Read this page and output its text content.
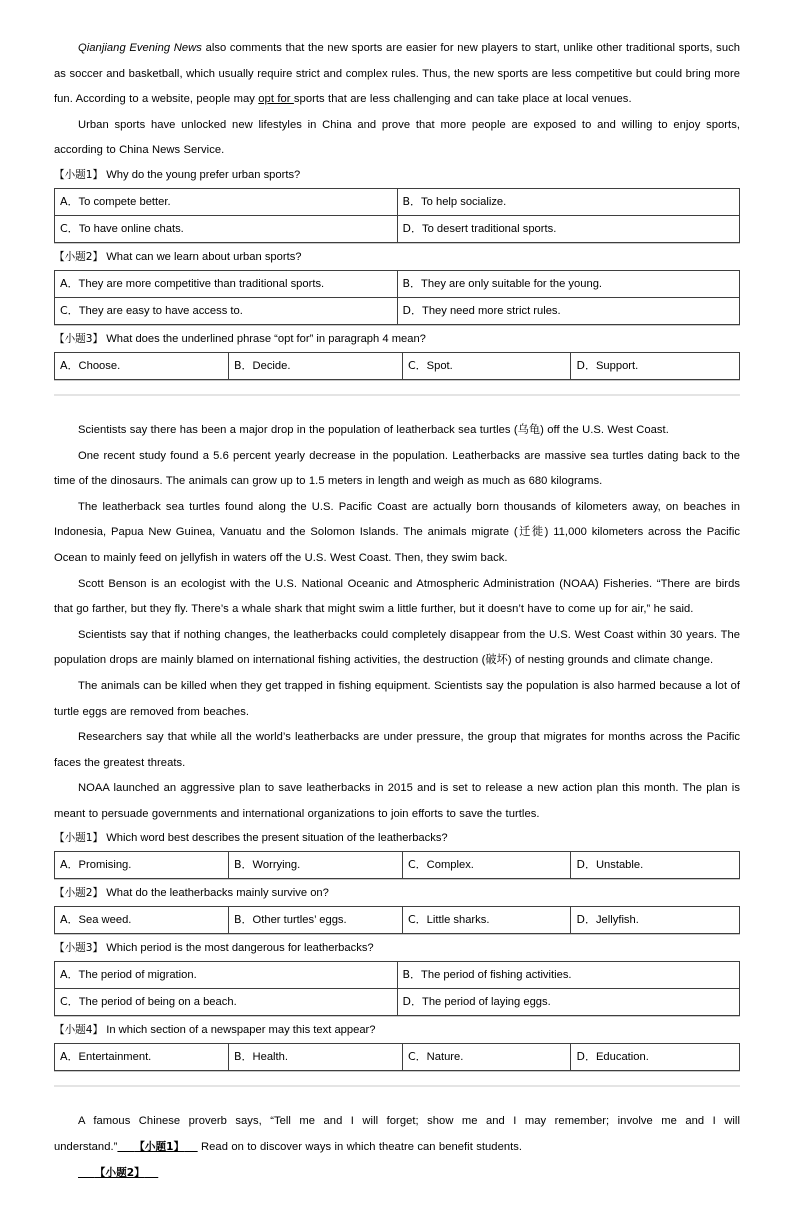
Qianjiang Evening News also comments that the new sports are easier for new players to start, unlike other traditional sports, such as soccer and basketball, which usually require strict and complex rules. Thus, the new sports are less competitive but could bring more fun. According to a website, people may opt for sports that are less challenging and can take place at local venues.

Urban sports have unlocked new lifestyles in China and prove that more people are exposed to and willing to enjoy sports, according to China News Service.

【小题1】 Why do the young prefer urban sports?

A．To compete better.	B．To help socialize.
C．To have online chats.	D．To desert traditional sports.

【小题2】 What can we learn about urban sports?

A．They are more competitive than traditional sports.	B．They are only suitable for the young.
C．They are easy to have access to.	D．They need more strict rules.

【小题3】 What does the underlined phrase “opt for” in paragraph 4 mean?

A．Choose.	B．Decide.	C．Spot.	D．Support.

Scientists say there has been a major drop in the population of leatherback sea turtles (乌龟) off the U.S. West Coast.

One recent study found a 5.6 percent yearly decrease in the population. Leatherbacks are massive sea turtles dating back to the time of the dinosaurs. The animals can grow up to 1.5 meters in length and weigh as much as 680 kilograms.

The leatherback sea turtles found along the U.S. Pacific Coast are actually born thousands of kilometers away, on beaches in Indonesia, Papua New Guinea, Vanuatu and the Solomon Islands. The animals migrate (迁徙) 11,000 kilometers across the Pacific Ocean to mainly feed on jellyfish in waters off the U.S. West Coast. Then, they swim back.

Scott Benson is an ecologist with the U.S. National Oceanic and Atmospheric Administration (NOAA) Fisheries. “There are birds that go farther, but they fly. There’s a whale shark that might swim a little further, but it doesn’t have to come up for air,” he said.

Scientists say that if nothing changes, the leatherbacks could completely disappear from the U.S. West Coast within 30 years. The population drops are mainly blamed on international fishing activities, the destruction (破坏) of nesting grounds and climate change.

The animals can be killed when they get trapped in fishing equipment. Scientists say the population is also harmed because a lot of turtle eggs are removed from beaches.

Researchers say that while all the world’s leatherbacks are under pressure, the group that migrates for months across the Pacific faces the greatest threats.

NOAA launched an aggressive plan to save leatherbacks in 2015 and is set to release a new action plan this month. The plan is meant to persuade governments and international organizations to join efforts to save the turtles.

【小题1】 Which word best describes the present situation of the leatherbacks?

A．Promising.	B．Worrying.	C．Complex.	D．Unstable.

【小题2】 What do the leatherbacks mainly survive on?

A．Sea weed.	B．Other turtles’ eggs.	C．Little sharks.	D．Jellyfish.

【小题3】 Which period is the most dangerous for leatherbacks?

A．The period of migration.	B．The period of fishing activities.
C．The period of being on a beach.	D．The period of laying eggs.

【小题4】 In which section of a newspaper may this text appear?

A．Entertainment.	B．Health.	C．Nature.	D．Education.

A famous Chinese proverb says, “Tell me and I will forget; show me and I may remember; involve me and I will understand.” 【小题1】 Read on to discover ways in which theatre can benefit students.

【小题2】
